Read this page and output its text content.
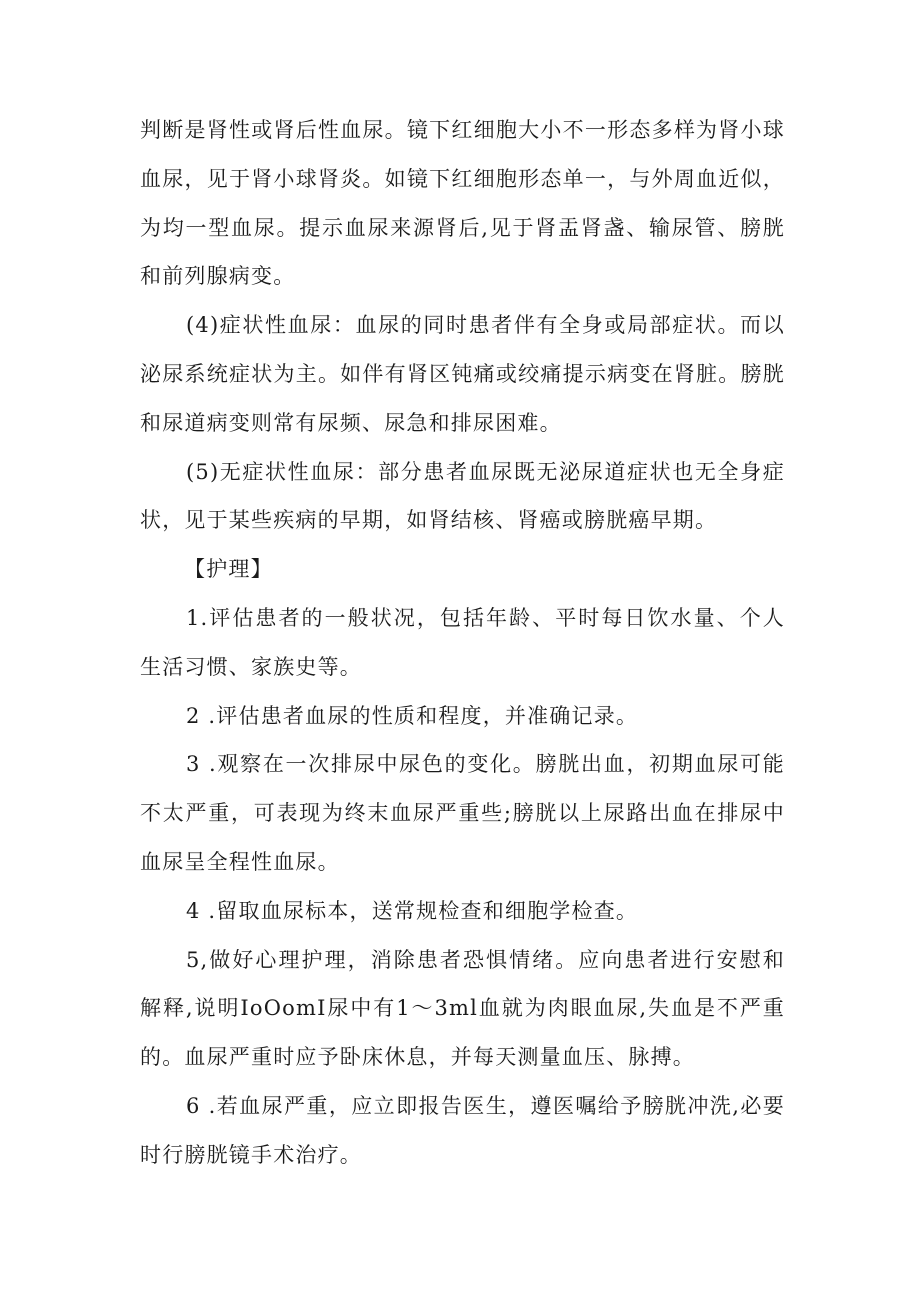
判断是肾性或肾后性血尿。镜下红细胞大小不一形态多样为肾小球血尿，见于肾小球肾炎。如镜下红细胞形态单一，与外周血近似，为均一型血尿。提示血尿来源肾后,见于肾盂肾盏、输尿管、膀胱和前列腺病变。

(4)症状性血尿：血尿的同时患者伴有全身或局部症状。而以泌尿系统症状为主。如伴有肾区钝痛或绞痛提示病变在肾脏。膀胱和尿道病变则常有尿频、尿急和排尿困难。

(5)无症状性血尿：部分患者血尿既无泌尿道症状也无全身症状，见于某些疾病的早期，如肾结核、肾癌或膀胱癌早期。

【护理】

1.评估患者的一般状况，包括年龄、平时每日饮水量、个人生活习惯、家族史等。

2 .评估患者血尿的性质和程度，并准确记录。

3 .观察在一次排尿中尿色的变化。膀胱出血，初期血尿可能不太严重，可表现为终末血尿严重些;膀胱以上尿路出血在排尿中血尿呈全程性血尿。

4 .留取血尿标本，送常规检查和细胞学检查。

5,做好心理护理，消除患者恐惧情绪。应向患者进行安慰和解释,说明IoOomI尿中有1〜3ml血就为肉眼血尿,失血是不严重的。血尿严重时应予卧床休息，并每天测量血压、脉搏。

6 .若血尿严重，应立即报告医生，遵医嘱给予膀胱冲洗,必要时行膀胱镜手术治疗。
